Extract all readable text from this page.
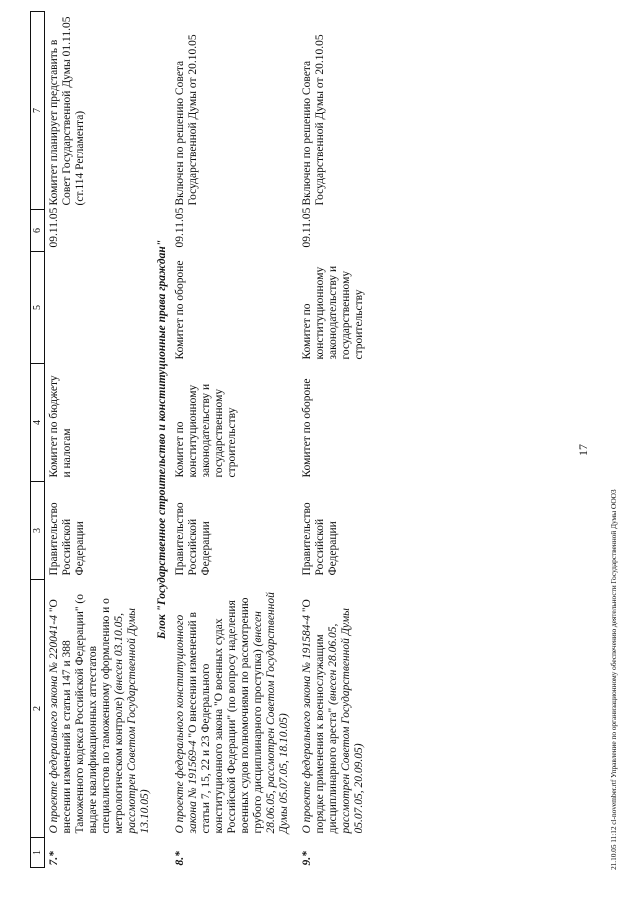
1	2	3	4	5	6	7
7.*	О проекте федерального закона № 220041-4 "О внесении изменений в статьи 147 и 388 Таможенного кодекса Российской Федерации" (о выдаче квалификационных аттестатов специалистов по таможенному оформлению и о метрологическом контроле) (внесен 03.10.05, рассмотрен Советом Государственной Думы 13.10.05)	Правительство Российской Федерации	Комитет по бюджету и налогам		09.11.05	Комитет планирует представить в Совет Государственной Думы 01.11.05 (ст.114 Регламента)
Блок "Государственное строительство и конституционные права граждан"						
8.*	О проекте федерального конституционного закона № 191569-4 "О внесении изменений в статьи 7, 15, 22 и 23 Федерального конституционного закона "О военных судах Российской Федерации" (по вопросу наделения военных судов полномочиями по рассмотрению грубого дисциплинарного проступка) (внесен 28.06.05, рассмотрен Советом Государственной Думы 05.07.05, 18.10.05)	Правительство Российской Федерации	Комитет по конституционному законодательству и государственному строительству	Комитет по обороне	09.11.05	Включен по решению Совета Государственной Думы от 20.10.05

9.*	О проекте федерального закона № 191584-4 "О порядке применения к военнослужащим дисциплинарного ареста" (внесен 28.06.05, рассмотрен Советом Государственной Думы 05.07.05, 20.09.05)	Правительство Российской Федерации	Комитет по обороне	Комитет по конституционному законодательству и государственному строительству	09.11.05	Включен по решению Совета Государственной Думы от 20.10.05
17
21.10.05 11:12 cl-november.rtf Управление по организационному обеспечению деятельности Государственной Думы ООО3
